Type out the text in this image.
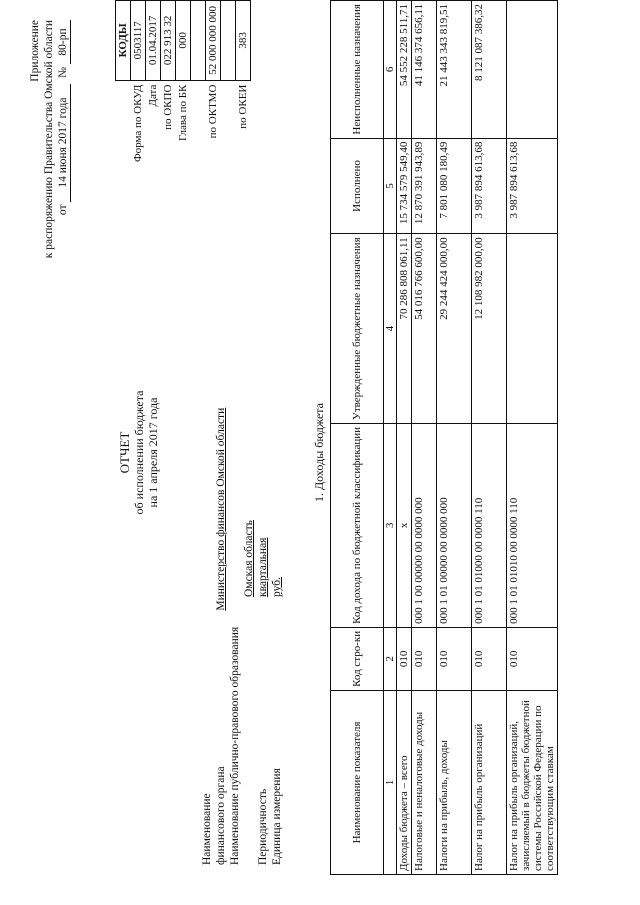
Приложение к распоряжению Правительства Омской области от 14 июня 2017 года  № 80-рп
ОТЧЕТ об исполнении бюджета на 1 апреля 2017 года
	КОДЫ
Форма по ОКУД	0503117
Дата	01.04.2017
по ОКПО	022 913 32
Глава по БК	000

по ОКТМО	52 000 000 000

по ОКЕИ	383
Наименование финансового органа  Министерство финансов Омской области
Наименование публично-правового образования
Омская область
Периодичностьквартальная
Единица измеренияруб.
1. Доходы бюджета
Наименование показателя	Код стро-ки	Код дохода по бюджетной классификации	Утвержденные бюджетные назначения	Исполнено	Неисполненные назначения
1	2	3	4	5	6
Доходы бюджета – всего	010	х	70 286 808 061,11	15 734 579 549,40	54 552 228 511,71
Налоговые и неналоговые доходы	010	000 1 00 00000 00 0000 000	54 016 766 600,00	12 870 391 943,89	41 146 374 656,11
Налоги на прибыль, доходы	010	000 1 01 00000 00 0000 000	29 244 424 000,00	7 801 080 180,49	21 443 343 819,51
Налог на прибыль организаций	010	000 1 01 01000 00 0000 110	12 108 982 000,00	3 987 894 613,68	8 121 087 386,32
Налог на прибыль организаций, зачисляемый в бюджеты бюджетной системы Российской Федерации по соответствующим ставкам	010	000 1 01 01010 00 0000 110		3 987 894 613,68	
